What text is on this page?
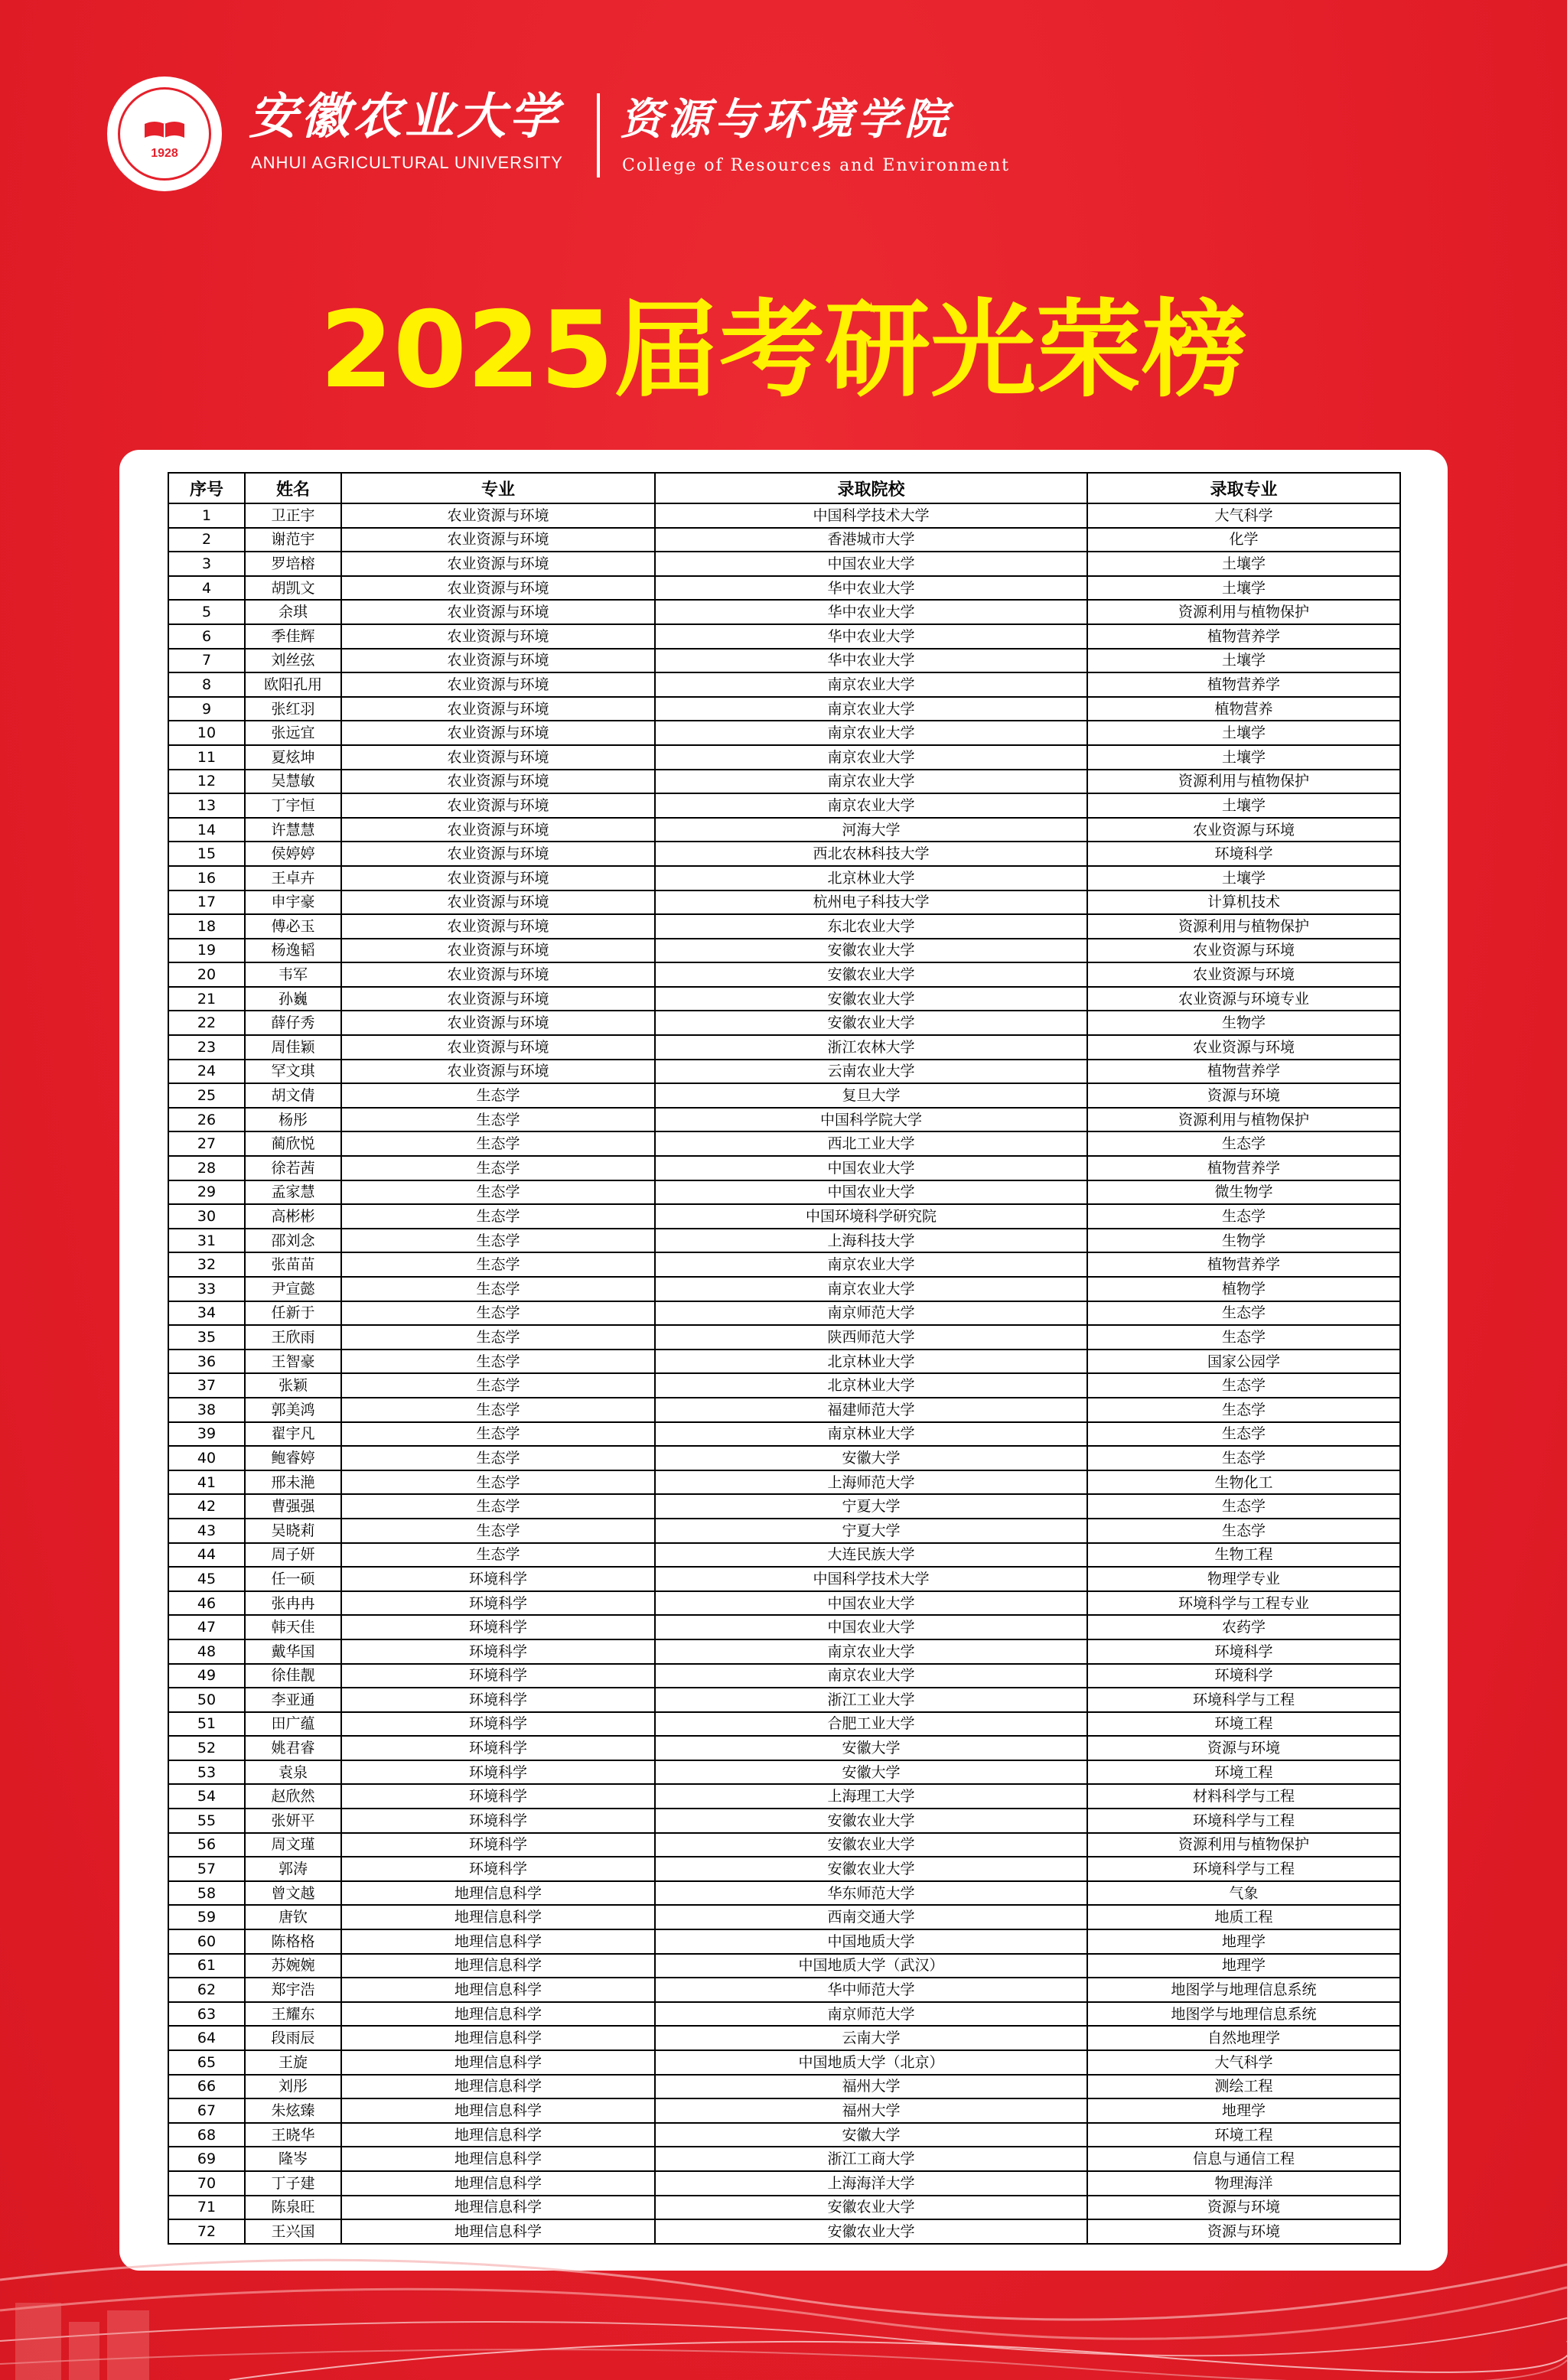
1928
安徽农业大学
ANHUI AGRICULTURAL UNIVERSITY
资源与环境学院
College of Resources and Environment
2025届考研光荣榜
序号	姓名	专业	录取院校	录取专业
1	卫正宇	农业资源与环境	中国科学技术大学	大气科学
2	谢范宇	农业资源与环境	香港城市大学	化学
3	罗培榕	农业资源与环境	中国农业大学	土壤学
4	胡凯文	农业资源与环境	华中农业大学	土壤学
5	余琪	农业资源与环境	华中农业大学	资源利用与植物保护
6	季佳辉	农业资源与环境	华中农业大学	植物营养学
7	刘丝弦	农业资源与环境	华中农业大学	土壤学
8	欧阳孔用	农业资源与环境	南京农业大学	植物营养学
9	张红羽	农业资源与环境	南京农业大学	植物营养
10	张远宜	农业资源与环境	南京农业大学	土壤学
11	夏炫坤	农业资源与环境	南京农业大学	土壤学
12	吴慧敏	农业资源与环境	南京农业大学	资源利用与植物保护
13	丁宇恒	农业资源与环境	南京农业大学	土壤学
14	许慧慧	农业资源与环境	河海大学	农业资源与环境
15	侯婷婷	农业资源与环境	西北农林科技大学	环境科学
16	王卓卉	农业资源与环境	北京林业大学	土壤学
17	申宇豪	农业资源与环境	杭州电子科技大学	计算机技术
18	傅必玉	农业资源与环境	东北农业大学	资源利用与植物保护
19	杨逸韬	农业资源与环境	安徽农业大学	农业资源与环境
20	韦军	农业资源与环境	安徽农业大学	农业资源与环境
21	孙巍	农业资源与环境	安徽农业大学	农业资源与环境专业
22	薛仔秀	农业资源与环境	安徽农业大学	生物学
23	周佳颖	农业资源与环境	浙江农林大学	农业资源与环境
24	罕文琪	农业资源与环境	云南农业大学	植物营养学
25	胡文倩	生态学	复旦大学	资源与环境
26	杨彤	生态学	中国科学院大学	资源利用与植物保护
27	蔺欣悦	生态学	西北工业大学	生态学
28	徐若茜	生态学	中国农业大学	植物营养学
29	孟家慧	生态学	中国农业大学	微生物学
30	高彬彬	生态学	中国环境科学研究院	生态学
31	邵刘念	生态学	上海科技大学	生物学
32	张苗苗	生态学	南京农业大学	植物营养学
33	尹宣懿	生态学	南京农业大学	植物学
34	任新于	生态学	南京师范大学	生态学
35	王欣雨	生态学	陕西师范大学	生态学
36	王智豪	生态学	北京林业大学	国家公园学
37	张颖	生态学	北京林业大学	生态学
38	郭美鸿	生态学	福建师范大学	生态学
39	翟宇凡	生态学	南京林业大学	生态学
40	鲍睿婷	生态学	安徽大学	生态学
41	邢未滟	生态学	上海师范大学	生物化工
42	曹强强	生态学	宁夏大学	生态学
43	吴晓莉	生态学	宁夏大学	生态学
44	周子妍	生态学	大连民族大学	生物工程
45	任一硕	环境科学	中国科学技术大学	物理学专业
46	张冉冉	环境科学	中国农业大学	环境科学与工程专业
47	韩天佳	环境科学	中国农业大学	农药学
48	戴华国	环境科学	南京农业大学	环境科学
49	徐佳靓	环境科学	南京农业大学	环境科学
50	李亚通	环境科学	浙江工业大学	环境科学与工程
51	田广蕴	环境科学	合肥工业大学	环境工程
52	姚君睿	环境科学	安徽大学	资源与环境
53	袁泉	环境科学	安徽大学	环境工程
54	赵欣然	环境科学	上海理工大学	材料科学与工程
55	张妍平	环境科学	安徽农业大学	环境科学与工程
56	周文瑾	环境科学	安徽农业大学	资源利用与植物保护
57	郭涛	环境科学	安徽农业大学	环境科学与工程
58	曾文越	地理信息科学	华东师范大学	气象
59	唐钦	地理信息科学	西南交通大学	地质工程
60	陈格格	地理信息科学	中国地质大学	地理学
61	苏婉婉	地理信息科学	中国地质大学（武汉）	地理学
62	郑宇浩	地理信息科学	华中师范大学	地图学与地理信息系统
63	王耀东	地理信息科学	南京师范大学	地图学与地理信息系统
64	段雨辰	地理信息科学	云南大学	自然地理学
65	王旋	地理信息科学	中国地质大学（北京）	大气科学
66	刘彤	地理信息科学	福州大学	测绘工程
67	朱炫臻	地理信息科学	福州大学	地理学
68	王晓华	地理信息科学	安徽大学	环境工程
69	隆岑	地理信息科学	浙江工商大学	信息与通信工程
70	丁子建	地理信息科学	上海海洋大学	物理海洋
71	陈泉旺	地理信息科学	安徽农业大学	资源与环境
72	王兴国	地理信息科学	安徽农业大学	资源与环境
